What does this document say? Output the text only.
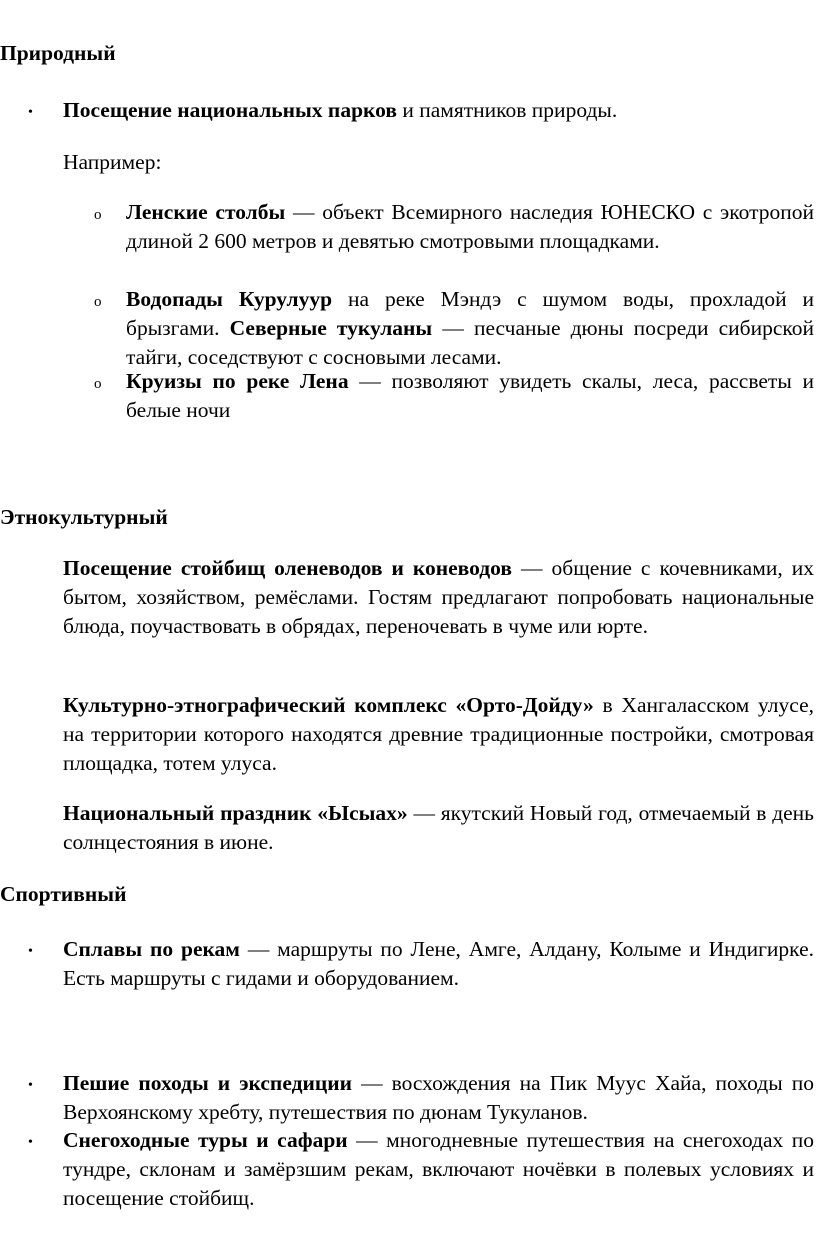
Природный
• Посещение национальных парков и памятников природы.
Например:
o Ленские столбы — объект Всемирного наследия ЮНЕСКО с экотропой длиной 2 600 метров и девятью смотровыми площадками.
o Водопады Курулуур на реке Мэндэ с шумом воды, прохладой и брызгами. Северные тукуланы — песчаные дюны посреди сибирской тайги, соседствуют с сосновыми лесами.
o Круизы по реке Лена — позволяют увидеть скалы, леса, рассветы и белые ночи
Этнокультурный
Посещение стойбищ оленеводов и коневодов — общение с кочевниками, их бытом, хозяйством, ремёслами. Гостям предлагают попробовать национальные блюда, поучаствовать в обрядах, переночевать в чуме или юрте.
Культурно-этнографический комплекс «Орто-Дойду» в Хангаласском улусе, на территории которого находятся древние традиционные постройки, смотровая площадка, тотем улуса.
Национальный праздник «Ысыах» — якутский Новый год, отмечаемый в день солнцестояния в июне.
Спортивный
• Сплавы по рекам — маршруты по Лене, Амге, Алдану, Колыме и Индигирке. Есть маршруты с гидами и оборудованием.
• Пешие походы и экспедиции — восхождения на Пик Муус Хайа, походы по Верхоянскому хребту, путешествия по дюнам Тукуланов.
• Снегоходные туры и сафари — многодневные путешествия на снегоходах по тундре, склонам и замёрзшим рекам, включают ночёвки в полевых условиях и посещение стойбищ.
